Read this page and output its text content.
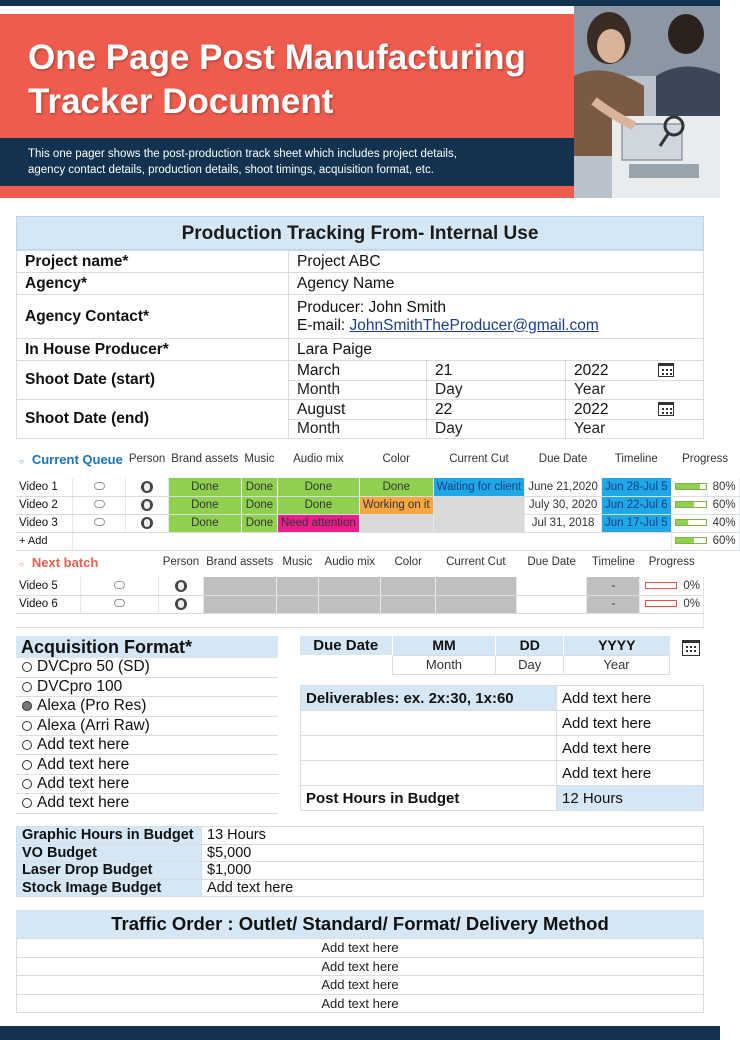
One Page Post Manufacturing
Tracker Document
This one pager shows the post-production track sheet which includes project details,
agency contact details, production details, shoot timings, acquisition format, etc.
Production Tracking From- Internal Use
Project name*	Project ABC		
Agency*	Agency Name		
Agency Contact*	Producer: John Smith
E-mail: JohnSmithTheProducer@gmail.com		

In House Producer*	Lara Paige		
Shoot Date (start)	March	21	2022
	Month	Day	Year
Shoot Date (end)	August	22	2022
	Month	Day	Year
○ Current Queue		Person	Brand assets	Music	Audio mix	Color	Current Cut	Due Date	Timeline	Progress

Video 1			Done	Done	Done	Done	Waiting for client	June 21,2020	Jun 28-Jul 5	80%
Video 2			Done	Done	Done	Working on it		July 30, 2020	Jun 22-Jul 6	60%
Video 3			Done	Done	Need attention			Jul 31, 2018	Jun 17-Jul 5	40%
+ Add										60%
○ Next batch		Person	Brand assets	Music	Audio mix	Color	Current Cut	Due Date	Timeline	Progress

Video 5									-	0%
Video 6									-	0%

Acquisition Format*
DVCpro 50 (SD)
DVCpro 100
Alexa (Pro Res)
Alexa (Arri Raw)
Add text here
Add text here
Add text here
Add text here
Due Date	MM	DD	YYYY
	Month	Day	Year
Deliverables: ex. 2x:30, 1x:60	Add text here
	Add text here
	Add text here
	Add text here
Post Hours in Budget	12 Hours
Graphic Hours in Budget	13 Hours
VO Budget	$5,000
Laser Drop Budget	$1,000
Stock Image Budget	Add text here
Traffic Order : Outlet/ Standard/ Format/ Delivery Method
Add text here
Add text here
Add text here
Add text here
